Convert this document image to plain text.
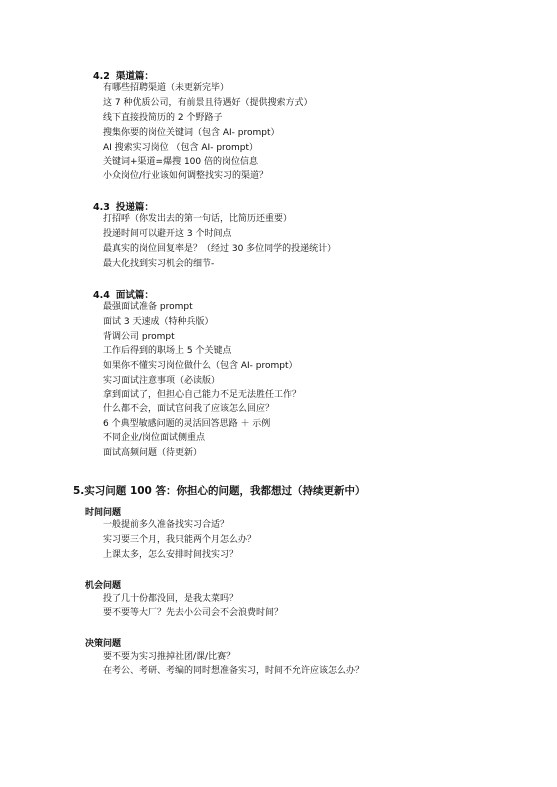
4.2 渠道篇：
有哪些招聘渠道（未更新完毕）
这 7 种优质公司，有前景且待遇好（提供搜索方式）
线下直接投简历的 2 个野路子
搜集你要的岗位关键词（包含 AI- prompt）
AI 搜索实习岗位 （包含 AI- prompt）
关键词+渠道=爆搜 100 倍的岗位信息
小众岗位/行业该如何调整找实习的渠道？
4.3 投递篇：
打招呼（你发出去的第一句话，比简历还重要）
投递时间可以避开这 3 个时间点
最真实的岗位回复率是？（经过 30 多位同学的投递统计）
最大化找到实习机会的细节-
4.4 面试篇：
最强面试准备 prompt
面试 3 天速成（特种兵版）
背调公司 prompt
工作后得到的职场上 5 个关键点
如果你不懂实习岗位做什么（包含 AI- prompt）
实习面试注意事项（必读版）
拿到面试了，但担心自己能力不足无法胜任工作？
什么都不会，面试官问我了应该怎么回应？
6 个典型敏感问题的灵活回答思路 ＋ 示例
不同企业/岗位面试侧重点
面试高频问题（待更新）
5.实习问题 100 答：你担心的问题，我都想过（持续更新中）
时间问题
一般提前多久准备找实习合适？
实习要三个月，我只能两个月怎么办？
上课太多，怎么安排时间找实习？
机会问题
投了几十份都没回，是我太菜吗？
要不要等大厂？先去小公司会不会浪费时间？
决策问题
要不要为实习推掉社团/课/比赛？
在考公、考研、考编的同时想准备实习，时间不允许应该怎么办？
